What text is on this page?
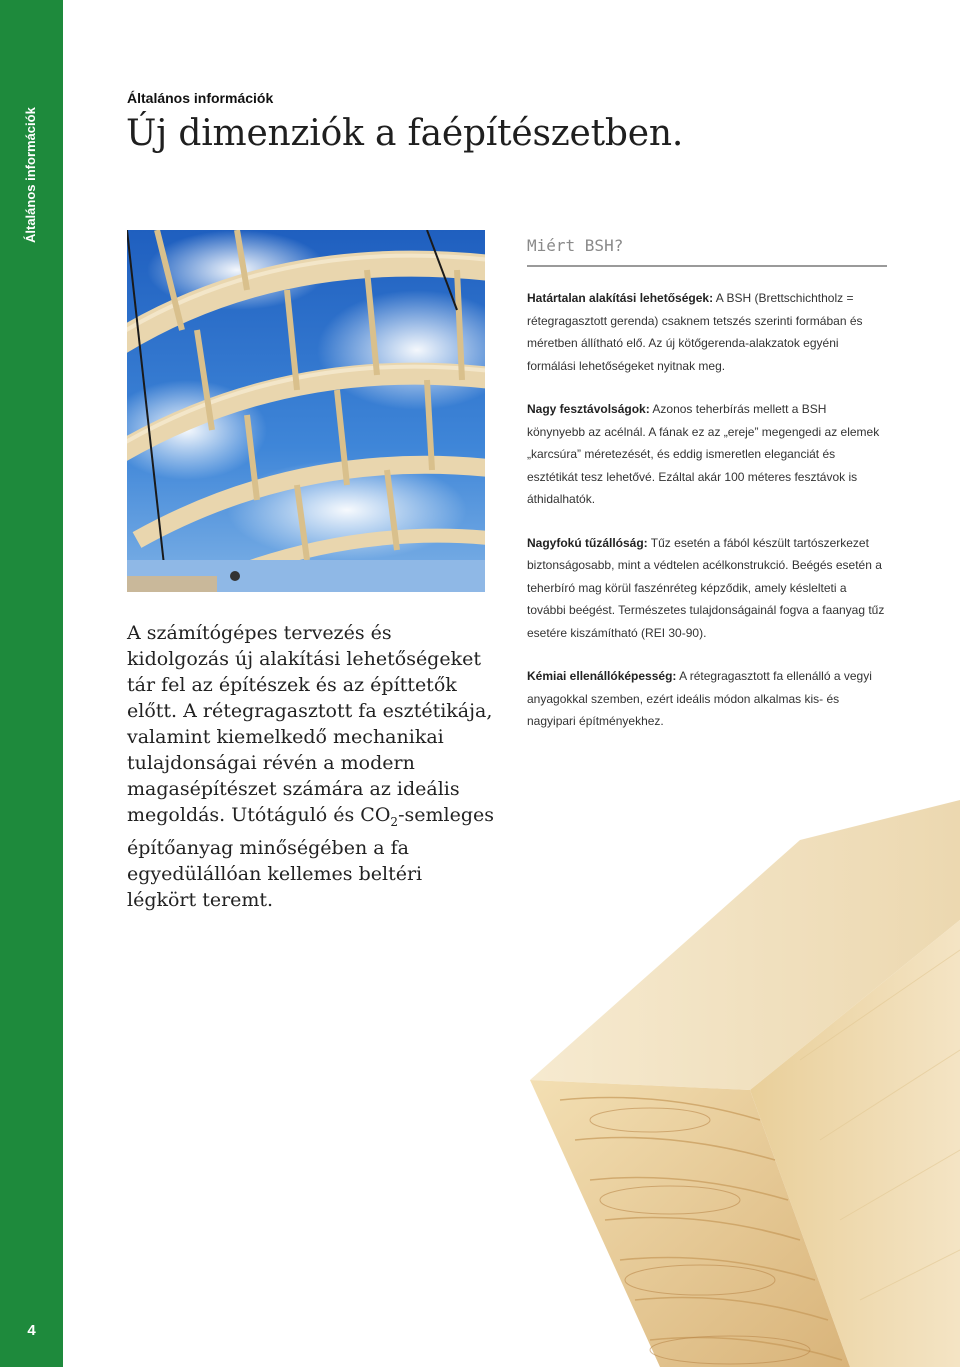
Általános információk
4
Általános információk
Új dimenziók a faépítészetben.

A számítógépes tervezés és kidolgozás új alakítási lehetőségeket tár fel az építészek és az építtetők előtt. A rétegragasztott fa esztétikája, valamint kiemelkedő mechanikai tulajdonságai révén a modern magasépítészet számára az ideális megoldás. Utótáguló és $CO_2$-semleges építőanyag minőségében a fa egyedülállóan kellemes beltéri légkört teremt.

Miért BSH?

Határtalan alakítási lehetőségek: A BSH (Brettschichtholz = rétegragasztott gerenda) csaknem tetszés szerinti formában és méretben állítható elő. Az új kötőgerenda-alakzatok egyéni formálási lehetőségeket nyitnak meg.

Nagy fesztávolságok: Azonos teherbírás mellett a BSH könynyebb az acélnál. A fának ez az „ereje” megengedi az elemek „karcsúra” méretezését, és eddig ismeretlen eleganciát és esztétikát tesz lehetővé. Ezáltal akár 100 méteres fesztávok is áthidalhatók.

Nagyfokú tűzállóság: Tűz esetén a fából készült tartószerkezet biztonságosabb, mint a védtelen acélkonstrukció. Beégés esetén a teherbíró mag körül faszénréteg képződik, amely késlelteti a további beégést. Természetes tulajdonságainál fogva a faanyag tűz esetére kiszámítható (REI 30-90).

Kémiai ellenállóképesség: A rétegragasztott fa ellenálló a vegyi anyagokkal szemben, ezért ideális módon alkalmas kis- és nagyipari építményekhez.
